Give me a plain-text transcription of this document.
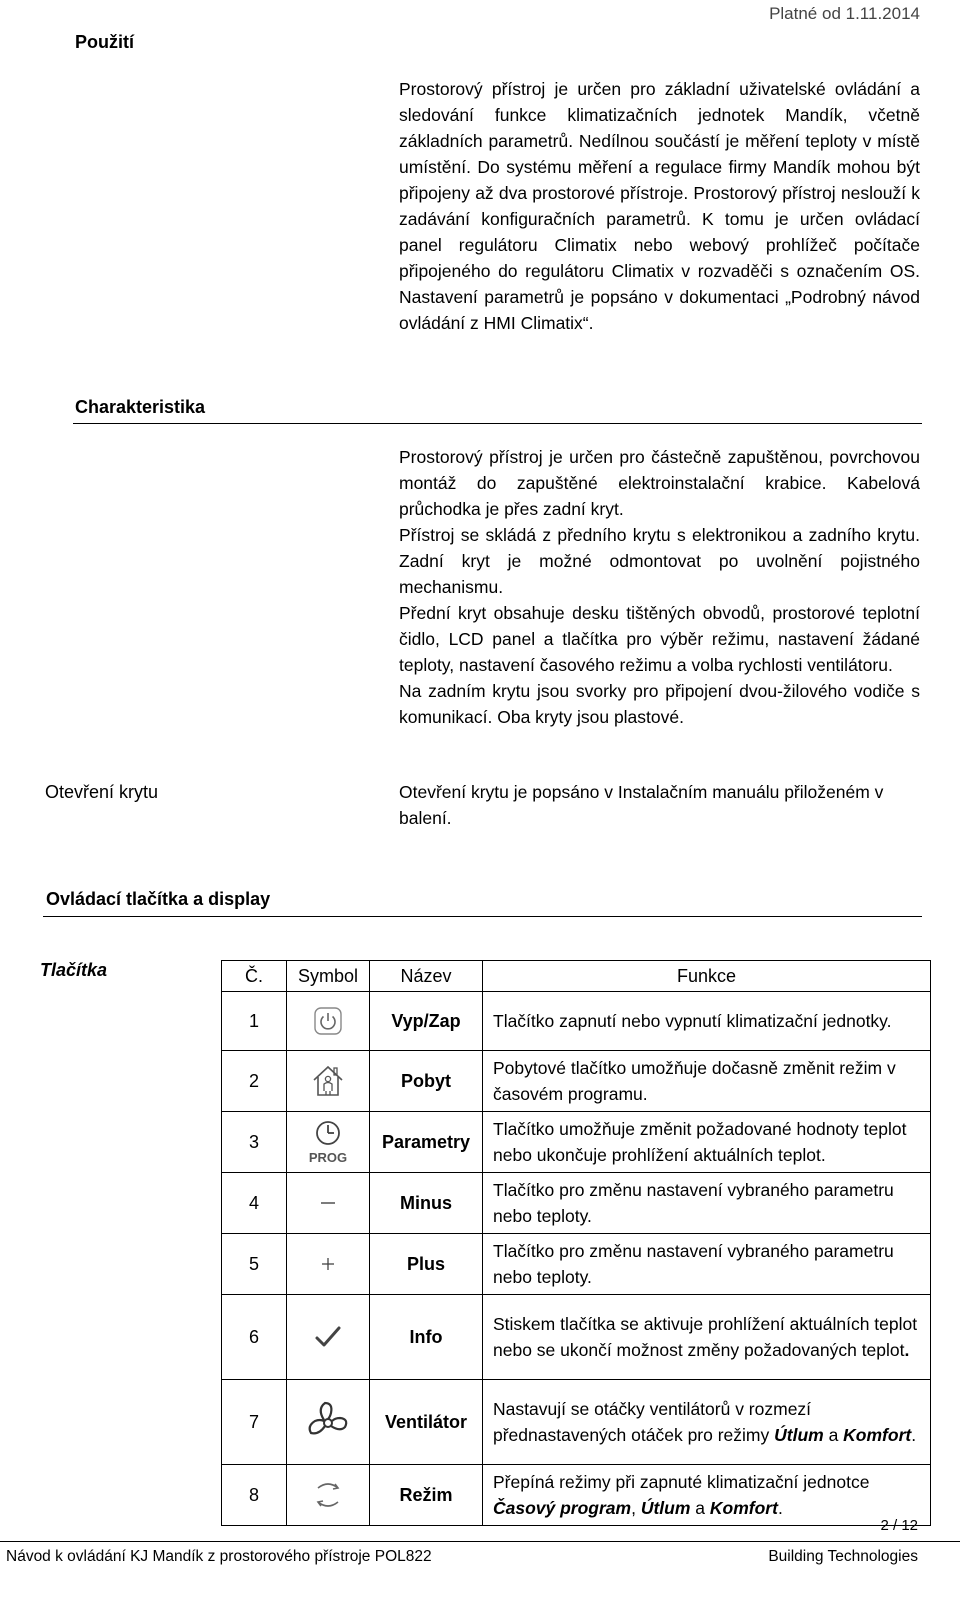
Platné od 1.11.2014
Použití

Prostorový přístroj je určen pro základní uživatelské ovládání a sledování funkce klimatizačních jednotek Mandík, včetně základních parametrů. Nedílnou součástí je měření teploty v místě umístění. Do systému měření a regulace firmy Mandík mohou být připojeny až dva prostorové přístroje. Prostorový přístroj neslouží k zadávání konfiguračních parametrů. K tomu je určen ovládací panel regulátoru Climatix nebo webový prohlížeč počítače připojeného do regulátoru Climatix v rozvaděči s označením OS. Nastavení parametrů je popsáno v dokumentaci „Podrobný návod ovládání z HMI Climatix“.

Charakteristika

Prostorový přístroj je určen pro částečně zapuštěnou, povrchovou montáž do zapuštěné elektroinstalační krabice. Kabelová průchodka je přes zadní kryt.

Přístroj se skládá z předního krytu s elektronikou a zadního krytu. Zadní kryt je možné odmontovat po uvolnění pojistného mechanismu.

Přední kryt obsahuje desku tištěných obvodů, prostorové teplotní čidlo, LCD panel a tlačítka pro výběr režimu, nastavení žádané teploty, nastavení časového režimu a volba rychlosti ventilátoru.

Na zadním krytu jsou svorky pro připojení dvou-žilového vodiče s komunikací. Oba kryty jsou plastové.

Otevření krytu	Otevření krytu je popsáno v Instalačním manuálu přiloženém v balení.
Ovládací tlačítka a display
Tlačítka	Č.	Symbol	Název	Funkce
1		Vyp/Zap	Tlačítko zapnutí nebo vypnutí klimatizační jednotky.
2		Pobyt	Pobytové tlačítko umožňuje dočasně změnit režim v časovém programu.
3	PROG	Parametry	Tlačítko umožňuje změnit požadované hodnoty teplot nebo ukončuje prohlížení aktuálních teplot.
4		Minus	Tlačítko pro změnu nastavení vybraného parametru nebo teploty.
5		Plus	Tlačítko pro změnu nastavení vybraného parametru nebo teploty.
6		Info	Stiskem tlačítka se aktivuje prohlížení aktuálních teplot nebo se ukončí možnost změny požadovaných teplot.
7		Ventilátor	Nastavují se otáčky ventilátorů v rozmezí přednastavených otáček pro režimy Útlum a Komfort.
8		Režim	Přepíná režimy při zapnuté klimatizační jednotce Časový program, Útlum a Komfort.
2 / 12
Návod k ovládání KJ Mandík z prostorového přístroje POL822	Building Technologies
